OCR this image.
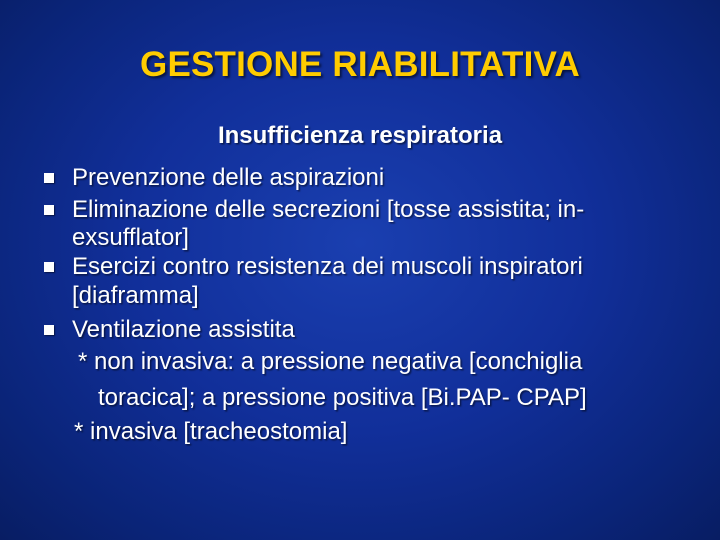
GESTIONE RIABILITATIVA
Insufficienza respiratoria
Prevenzione delle aspirazioni
Eliminazione delle secrezioni [tosse assistita; in-
exsufflator]
Esercizi contro resistenza dei muscoli inspiratori
[diaframma]
Ventilazione assistita
* non invasiva: a pressione negativa [conchiglia
toracica]; a pressione positiva [Bi.PAP- CPAP]
* invasiva [tracheostomia]
